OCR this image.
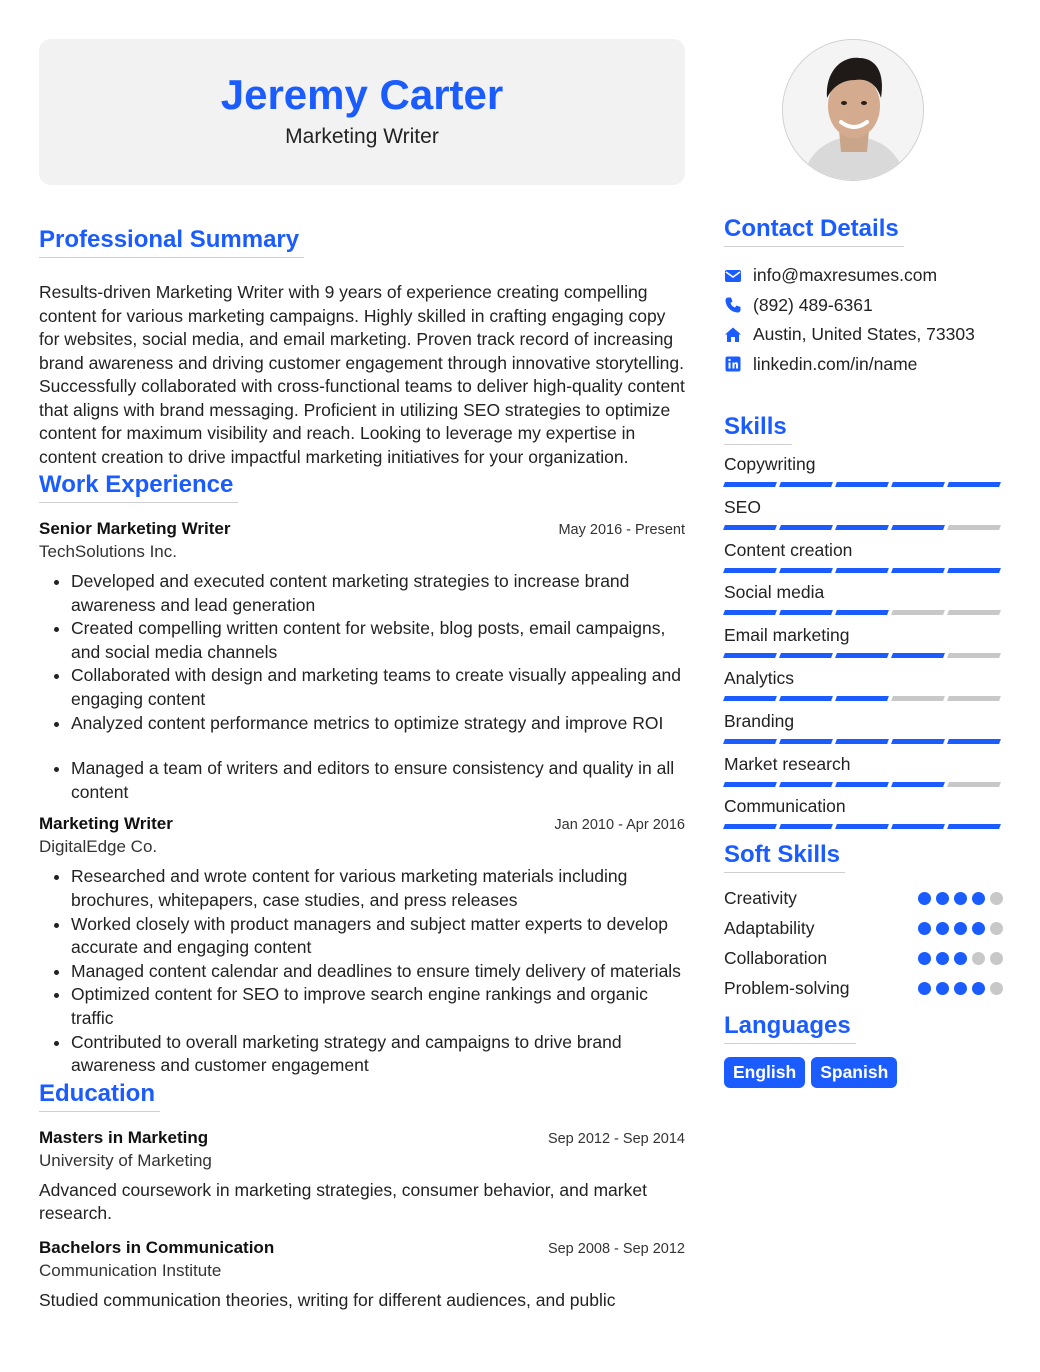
Jeremy Carter
Marketing Writer
Professional Summary

Results-driven Marketing Writer with 9 years of experience creating compelling content for various marketing campaigns. Highly skilled in crafting engaging copy for websites, social media, and email marketing. Proven track record of increasing brand awareness and driving customer engagement through innovative storytelling. Successfully collaborated with cross-functional teams to deliver high-quality content that aligns with brand messaging. Proficient in utilizing SEO strategies to optimize content for maximum visibility and reach. Looking to leverage my expertise in content creation to drive impactful marketing initiatives for your organization.

Work Experience
Senior Marketing Writer	May 2016 - Present
TechSolutions Inc.
• Developed and executed content marketing strategies to increase brand awareness and lead generation
• Created compelling written content for website, blog posts, email campaigns, and social media channels
• Collaborated with design and marketing teams to create visually appealing and engaging content
• Analyzed content performance metrics to optimize strategy and improve ROI
• Managed a team of writers and editors to ensure consistency and quality in all content
Marketing Writer	Jan 2010 - Apr 2016
DigitalEdge Co.
• Researched and wrote content for various marketing materials including brochures, whitepapers, case studies, and press releases
• Worked closely with product managers and subject matter experts to develop accurate and engaging content
• Managed content calendar and deadlines to ensure timely delivery of materials
• Optimized content for SEO to improve search engine rankings and organic traffic
• Contributed to overall marketing strategy and campaigns to drive brand awareness and customer engagement
Education
Masters in Marketing	Sep 2012 - Sep 2014
University of Marketing

Advanced coursework in marketing strategies, consumer behavior, and market research.

Bachelors in Communication	Sep 2008 - Sep 2012
Communication Institute

Studied communication theories, writing for different audiences, and public

Contact Details
info@maxresumes.com
(892) 489-6361
Austin, United States, 73303
linkedin.com/in/name
Skills
Copywriting
SEO
Content creation
Social media
Email marketing
Analytics
Branding
Market research
Communication
Soft Skills
Creativity
Adaptability
Collaboration
Problem-solving
Languages
English	Spanish
